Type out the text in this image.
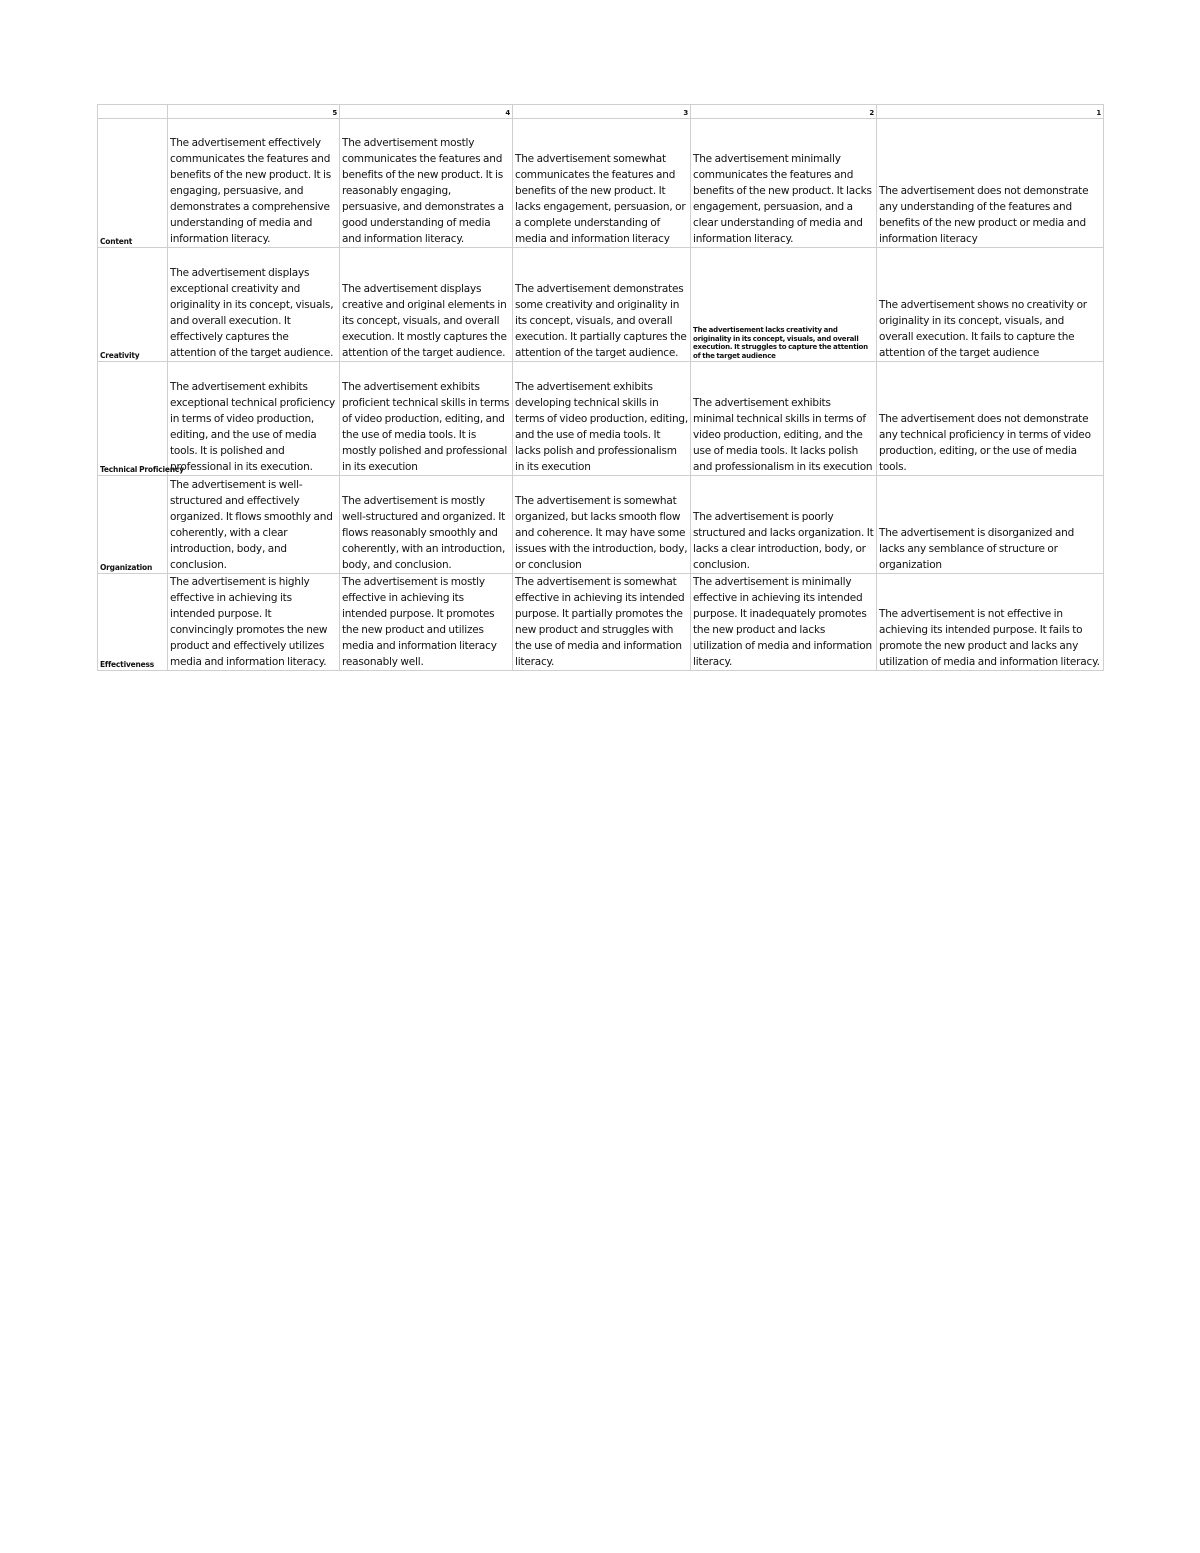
	5	4	3	2	1
Content	The advertisement effectively communicates the features and benefits of the new product. It is engaging, persuasive, and demonstrates a comprehensive understanding of media and information literacy.	The advertisement mostly communicates the features and benefits of the new product. It is reasonably engaging, persuasive, and demonstrates a good understanding of media and information literacy.	The advertisement somewhat communicates the features and benefits of the new product. It lacks engagement, persuasion, or a complete understanding of media and information literacy	The advertisement minimally communicates the features and benefits of the new product. It lacks engagement, persuasion, and a clear understanding of media and information literacy.	The advertisement does not demonstrate any understanding of the features and benefits of the new product or media and information literacy
Creativity	The advertisement displays exceptional creativity and originality in its concept, visuals, and overall execution. It effectively captures the attention of the target audience.	The advertisement displays creative and original elements in its concept, visuals, and overall execution. It mostly captures the attention of the target audience.	The advertisement demonstrates some creativity and originality in its concept, visuals, and overall execution. It partially captures the attention of the target audience.	The advertisement lacks creativity and originality in its concept, visuals, and overall execution. It struggles to capture the attention of the target audience	The advertisement shows no creativity or originality in its concept, visuals, and overall execution. It fails to capture the attention of the target audience
Technical Proficiency	The advertisement exhibits exceptional technical proficiency in terms of video production, editing, and the use of media tools. It is polished and professional in its execution.	The advertisement exhibits proficient technical skills in terms of video production, editing, and the use of media tools. It is mostly polished and professional in its execution	The advertisement exhibits developing technical skills in terms of video production, editing, and the use of media tools. It lacks polish and professionalism in its execution	The advertisement exhibits minimal technical skills in terms of video production, editing, and the use of media tools. It lacks polish and professionalism in its execution	The advertisement does not demonstrate any technical proficiency in terms of video production, editing, or the use of media tools.
Organization	The advertisement is well-structured and effectively organized. It flows smoothly and coherently, with a clear introduction, body, and conclusion.	The advertisement is mostly well-structured and organized. It flows reasonably smoothly and coherently, with an introduction, body, and conclusion.	The advertisement is somewhat organized, but lacks smooth flow and coherence. It may have some issues with the introduction, body, or conclusion	The advertisement is poorly structured and lacks organization. It lacks a clear introduction, body, or conclusion.	The advertisement is disorganized and lacks any semblance of structure or organization
Effectiveness	The advertisement is highly effective in achieving its intended purpose. It convincingly promotes the new product and effectively utilizes media and information literacy.	The advertisement is mostly effective in achieving its intended purpose. It promotes the new product and utilizes media and information literacy reasonably well.	The advertisement is somewhat effective in achieving its intended purpose. It partially promotes the new product and struggles with the use of media and information literacy.	The advertisement is minimally effective in achieving its intended purpose. It inadequately promotes the new product and lacks utilization of media and information literacy.	The advertisement is not effective in achieving its intended purpose. It fails to promote the new product and lacks any utilization of media and information literacy.
